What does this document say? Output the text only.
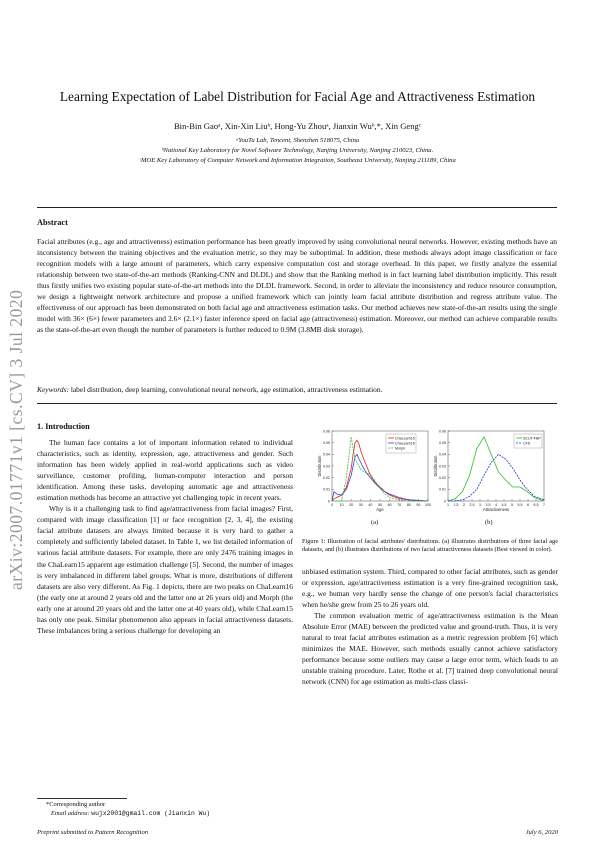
arXiv:2007.01771v1 [cs.CV] 3 Jul 2020
Learning Expectation of Label Distribution for Facial Age and Attractiveness Estimation
Bin-Bin Gaoᵃ, Xin-Xin Liuᵇ, Hong-Yu Zhouᵃ, Jianxin Wuᵇ,*, Xin Gengᶜ
ᵃYouTu Lab, Tencent, Shenzhen 518075, China
ᵇNational Key Laboratory for Novel Software Technology, Nanjing University, Nanjing 210023, China.
ᶜMOE Key Laboratory of Computer Network and Information Integration, Southeast University, Nanjing 211189, China
Abstract
Facial attributes (e.g., age and attractiveness) estimation performance has been greatly improved by using convolutional neural networks. However, existing methods have an inconsistency between the training objectives and the evaluation metric, so they may be suboptimal. In addition, these methods always adopt image classification or face recognition models with a large amount of parameters, which carry expensive computation cost and storage overhead. In this paper, we firstly analyze the essential relationship between two state-of-the-art methods (Ranking-CNN and DLDL) and show that the Ranking method is in fact learning label distribution implicitly. This result thus firstly unifies two existing popular state-of-the-art methods into the DLDL framework. Second, in order to alleviate the inconsistency and reduce resource consumption, we design a lightweight network architecture and propose a unified framework which can jointly learn facial attribute distribution and regress attribute value. The effectiveness of our approach has been demonstrated on both facial age and attractiveness estimation tasks. Our method achieves new state-of-the-art results using the single model with 36× (6×) fewer parameters and 2.6× (2.1×) faster inference speed on facial age (attractiveness) estimation. Moreover, our method can achieve comparable results as the state-of-the-art even though the number of parameters is further reduced to 0.9M (3.8MB disk storage).
Keywords: label distribution, deep learning, convolutional neural network, age estimation, attractiveness estimation.
1. Introduction

The human face contains a lot of important information related to individual characteristics, such as identity, expression, age, attractiveness and gender. Such information has been widely applied in real-world applications such as video surveillance, customer profiling, human-computer interaction and person identification. Among these tasks, developing automatic age and attractiveness estimation methods has become an attractive yet challenging topic in recent years.

Why is it a challenging task to find age/attractiveness from facial images? First, compared with image classification [1] or face recognition [2, 3, 4], the existing facial attribute datasets are always limited because it is very hard to gather a completely and sufficiently labeled dataset. In Table 1, we list detailed information of various facial attribute datasets. For example, there are only 2476 training images in the ChaLearn15 apparent age estimation challenge [5]. Second, the number of images is very imbalanced in different label groups. What is more, distributions of different datasets are also very different. As Fig. 1 depicts, there are two peaks on ChaLearn16 (the early one at around 2 years old and the latter one at 26 years old) and Morph (the early one at around 20 years old and the latter one at 40 years old), while ChaLearn15 has only one peak. Similar phenomenon also appears in facial attractiveness datasets. These imbalances bring a serious challenge for developing an

0
0.01
0.02
0.03
0.04
0.05
0.06
0 10 20 30 40 50 60 70 80 90 100
Age
Distribution
ChaLearn15
ChaLearn16
Morph
0
0.01
0.02
0.03
0.04
0.05
0.06
1 1.5 2 2.5 3 3.5 4 4.5 5 5.5 6 6.5 7
Attractiveness
Distribution
SCUT-FBP
CFD
(a)	(b)
Figure 1: Illustration of facial attributes' distributions. (a) illustrates distributions of three facial age datasets, and (b) illustrates distributions of two facial attractiveness datasets (Best viewed in color).

unbiased estimation system. Third, compared to other facial attributes, such as gender or expression, age/attractiveness estimation is a very fine-grained recognition task, e.g., we human very hardly sense the change of one person's facial characteristics when he/she grew from 25 to 26 years old.

The common evaluation metric of age/attractiveness estimation is the Mean Absolute Error (MAE) between the predicted value and ground-truth. Thus, it is very natural to treat facial attributes estimation as a metric regression problem [6] which minimizes the MAE. However, such methods usually cannot achieve satisfactory performance because some outliers may cause a large error term, which leads to an unstable training procedure. Later, Rothe et al. [7] trained deep convolutional neural network (CNN) for age estimation as multi-class classi-

*Corresponding author
Email address: wujx2001@gmail.com (Jianxin Wu)
Preprint submitted to Pattern Recognition	July 6, 2020
